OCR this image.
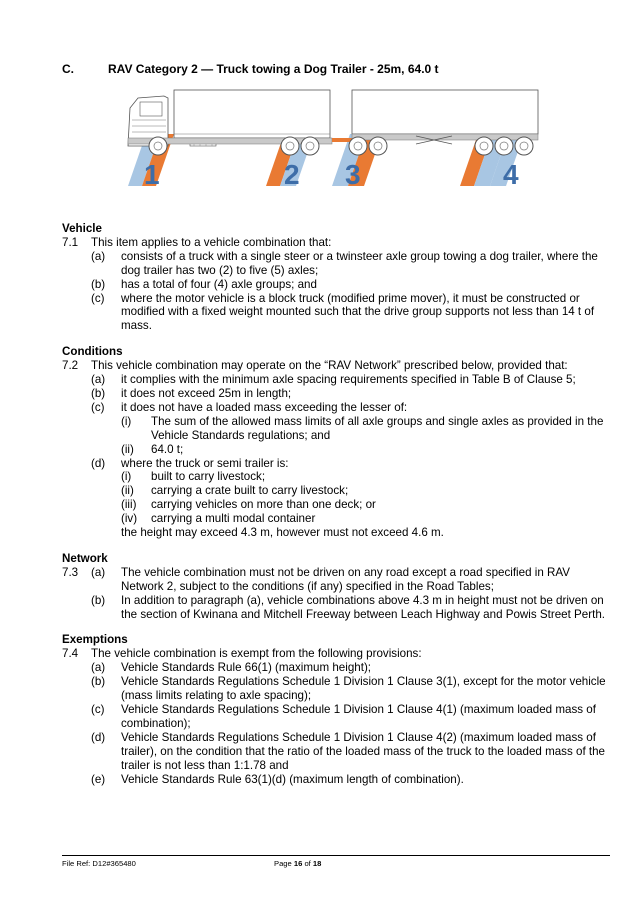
C.	RAV Category 2 — Truck towing a Dog Trailer - 25m, 64.0 t
1	2 3	4
Vehicle
7.1	This item applies to a vehicle combination that:
(a)	consists of a truck with a single steer or a twinsteer axle group towing a dog trailer, where the dog trailer has two (2) to five (5) axles;
(b)	has a total of four (4) axle groups; and
(c)	where the motor vehicle is a block truck (modified prime mover), it must be constructed or modified with a fixed weight mounted such that the drive group supports not less than 14 t of mass.
Conditions
7.2	This vehicle combination may operate on the “RAV Network” prescribed below, provided that:
(a)	it complies with the minimum axle spacing requirements specified in Table B of Clause 5;
(b)	it does not exceed 25m in length;
(c)	it does not have a loaded mass exceeding the lesser of:
(i)	The sum of the allowed mass limits of all axle groups and single axles as provided in the Vehicle Standards regulations; and
(ii)	64.0 t;
(d)	where the truck or semi trailer is:
(i)	built to carry livestock;
(ii)	carrying a crate built to carry livestock;
(iii)	carrying vehicles on more than one deck; or
(iv)	carrying a multi modal container
the height may exceed 4.3 m, however must not exceed 4.6 m.
Network
7.3	(a)	The vehicle combination must not be driven on any road except a road specified in RAV Network 2, subject to the conditions (if any) specified in the Road Tables;
(b)	In addition to paragraph (a), vehicle combinations above 4.3 m in height must not be driven on the section of Kwinana and Mitchell Freeway between Leach Highway and Powis Street Perth.
Exemptions
7.4	The vehicle combination is exempt from the following provisions:
(a)	Vehicle Standards Rule 66(1) (maximum height);
(b)	Vehicle Standards Regulations Schedule 1 Division 1 Clause 3(1), except for the motor vehicle (mass limits relating to axle spacing);
(c)	Vehicle Standards Regulations Schedule 1 Division 1 Clause 4(1) (maximum loaded mass of combination);
(d)	Vehicle Standards Regulations Schedule 1 Division 1 Clause 4(2) (maximum loaded mass of trailer), on the condition that the ratio of the loaded mass of the truck to the loaded mass of the trailer is not less than 1:1.78 and
(e)	Vehicle Standards Rule 63(1)(d) (maximum length of combination).
File Ref: D12#365480	Page 16 of 18
